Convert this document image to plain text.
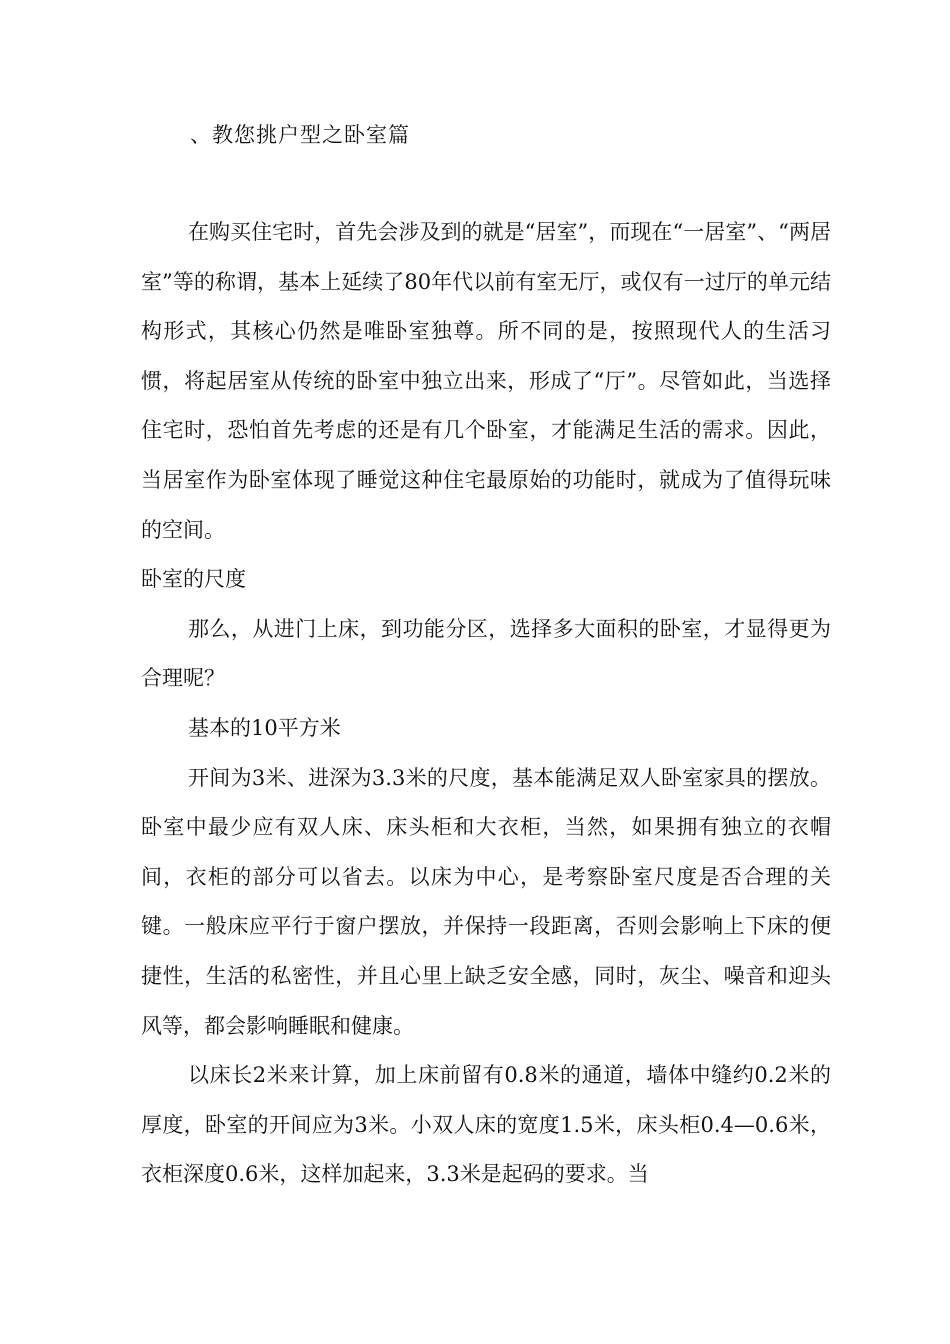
、教您挑户型之卧室篇

在购买住宅时，首先会涉及到的就是“居室”，而现在“一居室”、“两居室”等的称谓，基本上延续了80年代以前有室无厅，或仅有一过厅的单元结构形式，其核心仍然是唯卧室独尊。所不同的是，按照现代人的生活习惯，将起居室从传统的卧室中独立出来，形成了“厅”。尽管如此，当选择住宅时，恐怕首先考虑的还是有几个卧室，才能满足生活的需求。因此，当居室作为卧室体现了睡觉这种住宅最原始的功能时，就成为了值得玩味的空间。

卧室的尺度

那么，从进门上床，到功能分区，选择多大面积的卧室，才显得更为合理呢？

基本的10平方米

开间为3米、进深为3.3米的尺度，基本能满足双人卧室家具的摆放。卧室中最少应有双人床、床头柜和大衣柜，当然，如果拥有独立的衣帽间，衣柜的部分可以省去。以床为中心，是考察卧室尺度是否合理的关键。一般床应平行于窗户摆放，并保持一段距离，否则会影响上下床的便捷性，生活的私密性，并且心里上缺乏安全感，同时，灰尘、噪音和迎头风等，都会影响睡眠和健康。

以床长2米来计算，加上床前留有0.8米的通道，墙体中缝约0.2米的厚度，卧室的开间应为3米。小双人床的宽度1.5米，床头柜0.4—0.6米，衣柜深度0.6米，这样加起来，3.3米是起码的要求。当
